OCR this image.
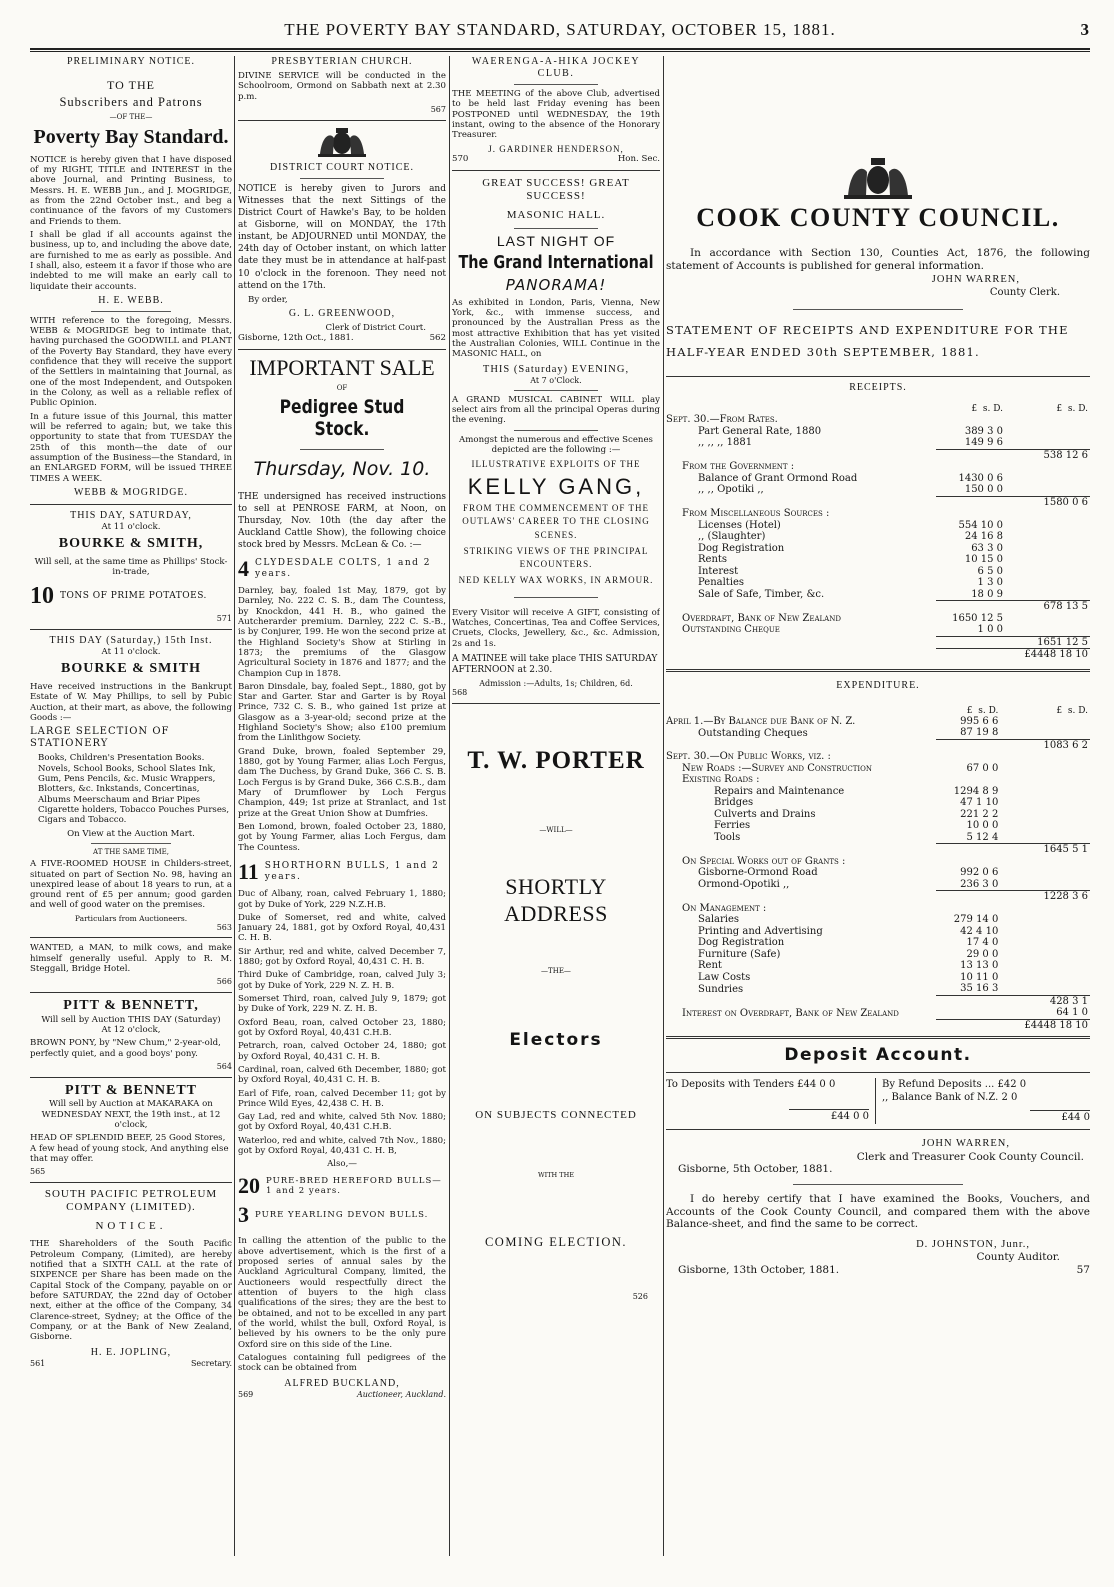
THE POVERTY BAY STANDARD, SATURDAY, OCTOBER 15, 1881.	3
PRELIMINARY NOTICE.
TO THE
Subscribers and Patrons
—OF THE—
Poverty Bay Standard.
NOTICE is hereby given that I have disposed of my RIGHT, TITLE and INTEREST in the above Journal, and Printing Business, to Messrs. H. E. WEBB Jun., and J. MOGRIDGE, as from the 22nd October inst., and beg a continuance of the favors of my Customers and Friends to them.
I shall be glad if all accounts against the business, up to, and including the above date, are furnished to me as early as possible. And I shall, also, esteem it a favor if those who are indebted to me will make an early call to liquidate their accounts.
H. E. WEBB.
WITH reference to the foregoing, Messrs. WEBB & MOGRIDGE beg to intimate that, having purchased the GOODWILL and PLANT of the Poverty Bay Standard, they have every confidence that they will receive the support of the Settlers in maintaining that Journal, as one of the most Independent, and Outspoken in the Colony, as well as a reliable reflex of Public Opinion.
In a future issue of this Journal, this matter will be referred to again; but, we take this opportunity to state that from TUESDAY the 25th of this month—the date of our assumption of the Business—the Standard, in an ENLARGED FORM, will be issued THREE TIMES A WEEK.
WEBB & MOGRIDGE.
THIS DAY, SATURDAY,
At 11 o'clock.
BOURKE & SMITH,
Will sell, at the same time as Phillips' Stock-in-trade,
10 TONS OF PRIME POTATOES.
571
THIS DAY (Saturday,) 15th Inst.
At 11 o'clock.
BOURKE & SMITH
Have received instructions in the Bankrupt Estate of W. May Phillips, to sell by Pubic Auction, at their mart, as above, the following Goods :—
LARGE SELECTION OF STATIONERY
Books, Children's Presentation Books. Novels, School Books, School Slates Ink, Gum, Pens Pencils, &c. Music Wrappers, Blotters, &c. Inkstands, Concertinas, Albums Meerschaum and Briar Pipes Cigarette holders, Tobacco Pouches Purses, Cigars and Tobacco.
On View at the Auction Mart.
AT THE SAME TIME,
A FIVE-ROOMED HOUSE in Childers-street, situated on part of Section No. 98, having an unexpired lease of about 18 years to run, at a ground rent of £5 per annum; good garden and well of good water on the premises.
Particulars from Auctioneers.
563
WANTED, a MAN, to milk cows, and make himself generally useful. Apply to R. M. Steggall, Bridge Hotel.
566
PITT & BENNETT,
Will sell by Auction THIS DAY (Saturday)
At 12 o'clock,
BROWN PONY, by "New Chum," 2-year-old, perfectly quiet, and a good boys' pony.
564
PITT & BENNETT
Will sell by Auction at MAKARAKA on WEDNESDAY NEXT, the 19th inst., at 12 o'clock,
HEAD OF SPLENDID BEEF, 25 Good Stores, A few head of young stock, And anything else that may offer.
565
SOUTH PACIFIC PETROLEUM COMPANY (LIMITED).
NOTICE.
THE Shareholders of the South Pacific Petroleum Company, (Limited), are hereby notified that a SIXTH CALL at the rate of SIXPENCE per Share has been made on the Capital Stock of the Company, payable on or before SATURDAY, the 22nd day of October next, either at the office of the Company, 34 Clarence-street, Sydney; at the Office of the Company, or at the Bank of New Zealand, Gisborne.
H. E. JOPLING,
561	Secretary.
PRESBYTERIAN CHURCH.
DIVINE SERVICE will be conducted in the Schoolroom, Ormond on Sabbath next at 2.30 p.m.
567
DISTRICT COURT NOTICE.
NOTICE is hereby given to Jurors and Witnesses that the next Sittings of the District Court of Hawke's Bay, to be holden at Gisborne, will on MONDAY, the 17th instant, be ADJOURNED until MONDAY, the 24th day of October instant, on which latter date they must be in attendance at half-past 10 o'clock in the forenoon. They need not attend on the 17th.
By order,
G. L. GREENWOOD,
Clerk of District Court.
Gisborne, 12th Oct., 1881.	562
IMPORTANT SALE
OF
Pedigree Stud Stock.
Thursday, Nov. 10.
THE undersigned has received instructions to sell at PENROSE FARM, at Noon, on Thursday, Nov. 10th (the day after the Auckland Cattle Show), the following choice stock bred by Messrs. McLean & Co. :—
4 CLYDESDALE COLTS, 1 and 2 years.
Darnley, bay, foaled 1st May, 1879, got by Darnley, No. 222 C. S. B., dam The Countess, by Knockdon, 441 H. B., who gained the Autcherarder premium. Darnley, 222 C. S.-B., is by Conjurer, 199. He won the second prize at the Highland Society's Show at Stirling in 1873; the premiums of the Glasgow Agricultural Society in 1876 and 1877; and the Champion Cup in 1878.
Baron Dinsdale, bay, foaled Sept., 1880, got by Star and Garter. Star and Garter is by Royal Prince, 732 C. S. B., who gained 1st prize at Glasgow as a 3-year-old; second prize at the Highland Society's Show; also £100 premium from the Linlithgow Society.
Grand Duke, brown, foaled September 29, 1880, got by Young Farmer, alias Loch Fergus, dam The Duchess, by Grand Duke, 366 C. S. B. Loch Fergus is by Grand Duke, 366 C.S.B., dam Mary of Drumflower by Loch Fergus Champion, 449; 1st prize at Stranlact, and 1st prize at the Great Union Show at Dumfries.
Ben Lomond, brown, foaled October 23, 1880, got by Young Farmer, alias Loch Fergus, dam The Countess.
11 SHORTHORN BULLS, 1 and 2 years.
Duc of Albany, roan, calved February 1, 1880; got by Duke of York, 229 N.Z.H.B.
Duke of Somerset, red and white, calved January 24, 1881, got by Oxford Royal, 40,431 C. H. B.
Sir Arthur, red and white, calved December 7, 1880; got by Oxford Royal, 40,431 C. H. B.
Third Duke of Cambridge, roan, calved July 3; got by Duke of York, 229 N. Z. H. B.
Somerset Third, roan, calved July 9, 1879; got by Duke of York, 229 N. Z. H. B.
Oxford Beau, roan, calved October 23, 1880; got by Oxford Royal, 40,431 C.H.B.
Petrarch, roan, calved October 24, 1880; got by Oxford Royal, 40,431 C. H. B.
Cardinal, roan, calved 6th December, 1880; got by Oxford Royal, 40,431 C. H. B.
Earl of Fife, roan, calved December 11; got by Prince Wild Eyes, 42,438 C. H. B.
Gay Lad, red and white, calved 5th Nov. 1880; got by Oxford Royal, 40,431 C.H.B.
Waterloo, red and white, calved 7th Nov., 1880; got by Oxford Royal, 40,431 C. H. B,
Also,—
20 PURE-BRED HEREFORD BULLS—1 and 2 years.
3 PURE YEARLING DEVON BULLS.
In calling the attention of the public to the above advertisement, which is the first of a proposed series of annual sales by the Auckland Agricultural Company, limited, the Auctioneers would respectfully direct the attention of buyers to the high class qualifications of the sires; they are the best to be obtained, and not to be excelled in any part of the world, whilst the bull, Oxford Royal, is believed by his owners to be the only pure Oxford sire on this side of the Line.
Catalogues containing full pedigrees of the stock can be obtained from
ALFRED BUCKLAND,
569	Auctioneer, Auckland.
WAERENGA-A-HIKA JOCKEY CLUB.
THE MEETING of the above Club, advertised to be held last Friday evening has been POSTPONED until WEDNESDAY, the 19th instant, owing to the absence of the Honorary Treasurer.
J. GARDINER HENDERSON,
570	Hon. Sec.
GREAT SUCCESS! GREAT SUCCESS!
MASONIC HALL.
LAST NIGHT OF
The Grand International
PANORAMA!
As exhibited in London, Paris, Vienna, New York, &c., with immense success, and pronounced by the Australian Press as the most attractive Exhibition that has yet visited the Australian Colonies, WILL Continue in the MASONIC HALL, on
THIS (Saturday) EVENING,
At 7 o'Clock.
A GRAND MUSICAL CABINET WILL play select airs from all the principal Operas during the evening.
Amongst the numerous and effective Scenes depicted are the following :—
ILLUSTRATIVE EXPLOITS OF THE
KELLY GANG,
FROM THE COMMENCEMENT OF THE OUTLAWS' CAREER TO THE CLOSING SCENES.
STRIKING VIEWS OF THE PRINCIPAL ENCOUNTERS.
NED KELLY WAX WORKS, IN ARMOUR.
Every Visitor will receive A GIFT, consisting of Watches, Concertinas, Tea and Coffee Services, Cruets, Clocks, Jewellery, &c., &c. Admission, 2s and 1s.
A MATINEE will take place THIS SATURDAY AFTERNOON at 2.30.
Admission :—Adults, 1s; Children, 6d.
568
T. W. PORTER
—WILL—
SHORTLY ADDRESS
—THE—
Electors
ON SUBJECTS CONNECTED
WITH THE
COMING ELECTION.
526
COOK COUNTY COUNCIL.
In accordance with Section 130, Counties Act, 1876, the following statement of Accounts is published for general information.
JOHN WARREN,
County Clerk.
STATEMENT OF RECEIPTS AND EXPENDITURE FOR THE HALF-YEAR ENDED 30th SEPTEMBER, 1881.
RECEIPTS.
	£ s. D.	£ s. D.
Sept. 30.—From Rates.		
Part General Rate, 1880	389 3 0	
,, ,, ,, 1881	149 9 6	
		538 12 6
From the Government :		
Balance of Grant Ormond Road	1430 0 6	
,, ,, Opotiki ,,	150 0 0	
		1580 0 6
From Miscellaneous Sources :		
Licenses (Hotel)	554 10 0	
,, (Slaughter)	24 16 8	
Dog Registration	63 3 0	
Rents	10 15 0	
Interest	6 5 0	
Penalties	1 3 0	
Sale of Safe, Timber, &c.	18 0 9	
		678 13 5
Overdraft, Bank of New Zealand	1650 12 5	
Outstanding Cheque	1 0 0	
		1651 12 5
		£4448 18 10
EXPENDITURE.
	£ s. D.	£ s. D.
April 1.—By Balance due Bank of N. Z.	995 6 6	
Outstanding Cheques	87 19 8	
		1083 6 2
Sept. 30.—On Public Works, viz. :		
New Roads :—Survey and Construction	67 0 0	
Existing Roads :		
Repairs and Maintenance	1294 8 9	
Bridges	47 1 10	
Culverts and Drains	221 2 2	
Ferries	10 0 0	
Tools	5 12 4	
		1645 5 1
On Special Works out of Grants :		
Gisborne-Ormond Road	992 0 6	
Ormond-Opotiki ,,	236 3 0	
		1228 3 6
On Management :		
Salaries	279 14 0	
Printing and Advertising	42 4 10	
Dog Registration	17 4 0	
Furniture (Safe)	29 0 0	
Rent	13 13 0	
Law Costs	10 11 0	
Sundries	35 16 3	
		428 3 1
Interest on Overdraft, Bank of New Zealand		64 1 0
		£4448 18 10
Deposit Account.
To Deposits with Tenders £44 0 0
£44 0 0
By Refund Deposits ... £42 0
,, Balance Bank of N.Z. 2 0
£44 0
JOHN WARREN,
Clerk and Treasurer Cook County Council.
Gisborne, 5th October, 1881.
I do hereby certify that I have examined the Books, Vouchers, and Accounts of the Cook County Council, and compared them with the above Balance-sheet, and find the same to be correct.
D. JOHNSTON, Junr.,
County Auditor.
Gisborne, 13th October, 1881.	57
